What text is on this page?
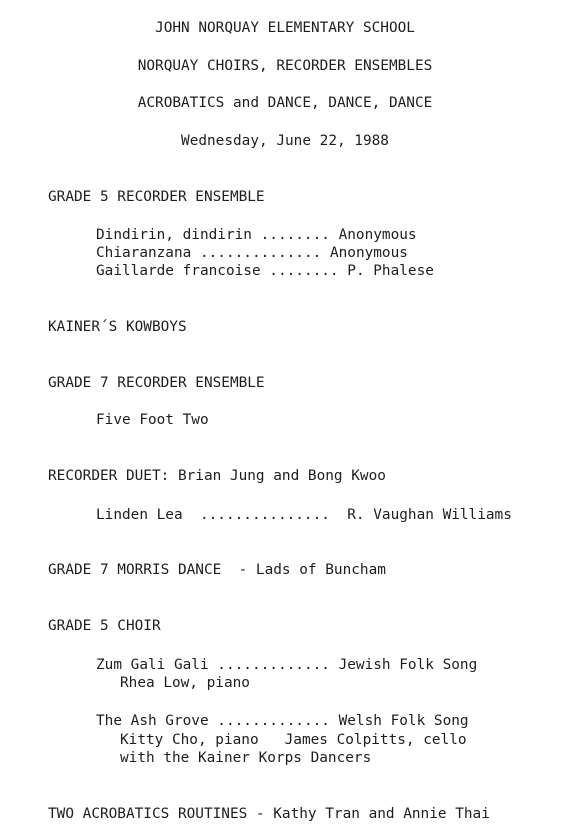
JOHN NORQUAY ELEMENTARY SCHOOL
NORQUAY CHOIRS, RECORDER ENSEMBLES
ACROBATICS and DANCE, DANCE, DANCE
Wednesday, June 22, 1988
GRADE 5 RECORDER ENSEMBLE
Dindirin, dindirin ........ Anonymous
Chiaranzana .............. Anonymous
Gaillarde francoise ........ P. Phalese
KAINER´S KOWBOYS
GRADE 7 RECORDER ENSEMBLE
Five Foot Two
RECORDER DUET: Brian Jung and Bong Kwoo
Linden Lea  ............... R. Vaughan Williams
GRADE 7 MORRIS DANCE  - Lads of Buncham
GRADE 5 CHOIR
Zum Gali Gali ............. Jewish Folk Song
Rhea Low, piano
The Ash Grove ............. Welsh Folk Song
Kitty Cho, piano   James Colpitts, cello
with the Kainer Korps Dancers
TWO ACROBATICS ROUTINES - Kathy Tran and Annie Thai
